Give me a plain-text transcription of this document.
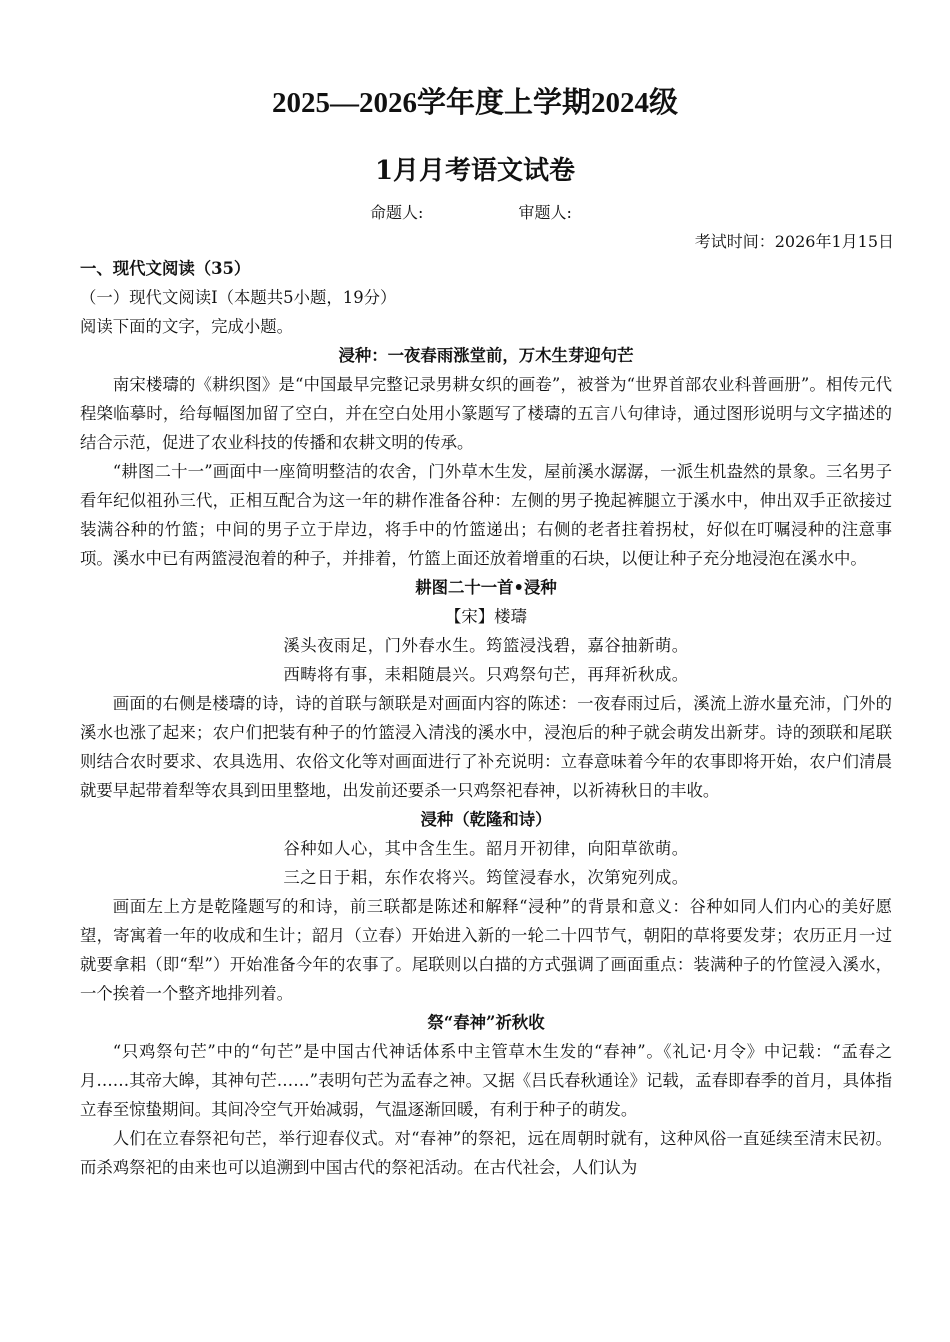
2025—2026学年度上学期2024级
1月月考语文试卷
命题人:	审题人:
考试时间：2026年1月15日

一、现代文阅读（35）

（一）现代文阅读I（本题共5小题，19分）

阅读下面的文字，完成小题。

浸种：一夜春雨涨堂前，万木生芽迎句芒

南宋楼璹的《耕织图》是“中国最早完整记录男耕女织的画卷”，被誉为“世界首部农业科普画册”。相传元代程棨临摹时，给每幅图加留了空白，并在空白处用小篆题写了楼璹的五言八句律诗，通过图形说明与文字描述的结合示范，促进了农业科技的传播和农耕文明的传承。

“耕图二十一”画面中一座简明整洁的农舍，门外草木生发，屋前溪水潺潺，一派生机盎然的景象。三名男子看年纪似祖孙三代，正相互配合为这一年的耕作准备谷种：左侧的男子挽起裤腿立于溪水中，伸出双手正欲接过装满谷种的竹篮；中间的男子立于岸边，将手中的竹篮递出；右侧的老者拄着拐杖，好似在叮嘱浸种的注意事项。溪水中已有两篮浸泡着的种子，并排着，竹篮上面还放着增重的石块，以便让种子充分地浸泡在溪水中。

耕图二十一首•浸种

【宋】楼璹

溪头夜雨足，门外春水生。筠篮浸浅碧，嘉谷抽新萌。

西畴将有事，耒耜随晨兴。只鸡祭句芒，再拜祈秋成。

画面的右侧是楼璹的诗，诗的首联与颔联是对画面内容的陈述：一夜春雨过后，溪流上游水量充沛，门外的溪水也涨了起来；农户们把装有种子的竹篮浸入清浅的溪水中，浸泡后的种子就会萌发出新芽。诗的颈联和尾联则结合农时要求、农具选用、农俗文化等对画面进行了补充说明：立春意味着今年的农事即将开始，农户们清晨就要早起带着犁等农具到田里整地，出发前还要杀一只鸡祭祀春神，以祈祷秋日的丰收。

浸种（乾隆和诗）

谷种如人心，其中含生生。韶月开初律，向阳草欲萌。

三之日于耜，东作农将兴。筠筐浸春水，次第宛列成。

画面左上方是乾隆题写的和诗，前三联都是陈述和解释“浸种”的背景和意义：谷种如同人们内心的美好愿望，寄寓着一年的收成和生计；韶月（立春）开始进入新的一轮二十四节气，朝阳的草将要发芽；农历正月一过就要拿耜（即“犁”）开始准备今年的农事了。尾联则以白描的方式强调了画面重点：装满种子的竹筐浸入溪水，一个挨着一个整齐地排列着。

祭“春神”祈秋收

“只鸡祭句芒”中的“句芒”是中国古代神话体系中主管草木生发的“春神”。《礼记·月令》中记载：“孟春之月……其帝大皞，其神句芒……”表明句芒为孟春之神。又据《吕氏春秋通诠》记载，孟春即春季的首月，具体指立春至惊蛰期间。其间冷空气开始减弱，气温逐渐回暖，有利于种子的萌发。

人们在立春祭祀句芒，举行迎春仪式。对“春神”的祭祀，远在周朝时就有，这种风俗一直延续至清末民初。而杀鸡祭祀的由来也可以追溯到中国古代的祭祀活动。在古代社会，人们认为
